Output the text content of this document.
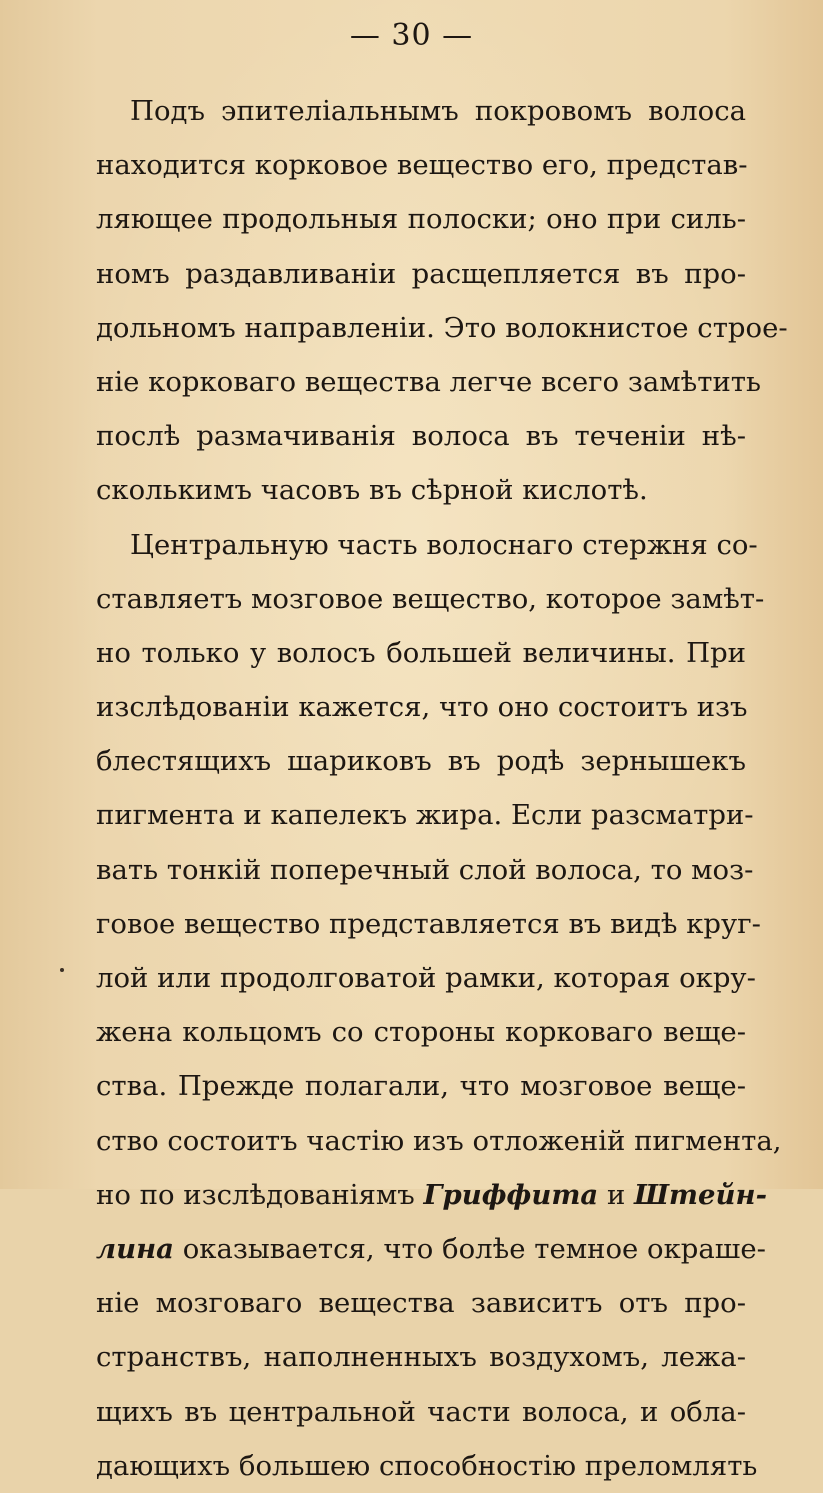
— 30 —
Подъ эпителіальнымъ покровомъ волоса
находится корковое вещество его, представ-
ляющее продольныя полоски; оно при силь-
номъ раздавливаніи расщепляется въ про-
дольномъ направленіи. Это волокнистое строе-
ніе корковаго вещества легче всего замѣтить
послѣ размачиванія волоса въ теченіи нѣ-
сколькимъ часовъ въ сѣрной кислотѣ.
Центральную часть волоснаго стержня со-
ставляетъ мозговое вещество, которое замѣт-
но только у волосъ большей величины. При
изслѣдованіи кажется, что оно состоитъ изъ
блестящихъ шариковъ въ родѣ зернышекъ
пигмента и капелекъ жира. Если разсматри-
вать тонкій поперечный слой волоса, то моз-
говое вещество представляется въ видѣ круг-
лой или продолговатой рамки, которая окру-
жена кольцомъ со стороны корковаго веще-
ства. Прежде полагали, что мозговое веще-
ство состоитъ частію изъ отложеній пигмента,
но по изслѣдованіямъ Гриффита и Штейн-
лина оказывается, что болѣе темное окраше-
ніе мозговаго вещества зависитъ отъ про-
странствъ, наполненныхъ воздухомъ, лежа-
щихъ въ центральной части волоса, и обла-
дающихъ большею способностію преломлять
